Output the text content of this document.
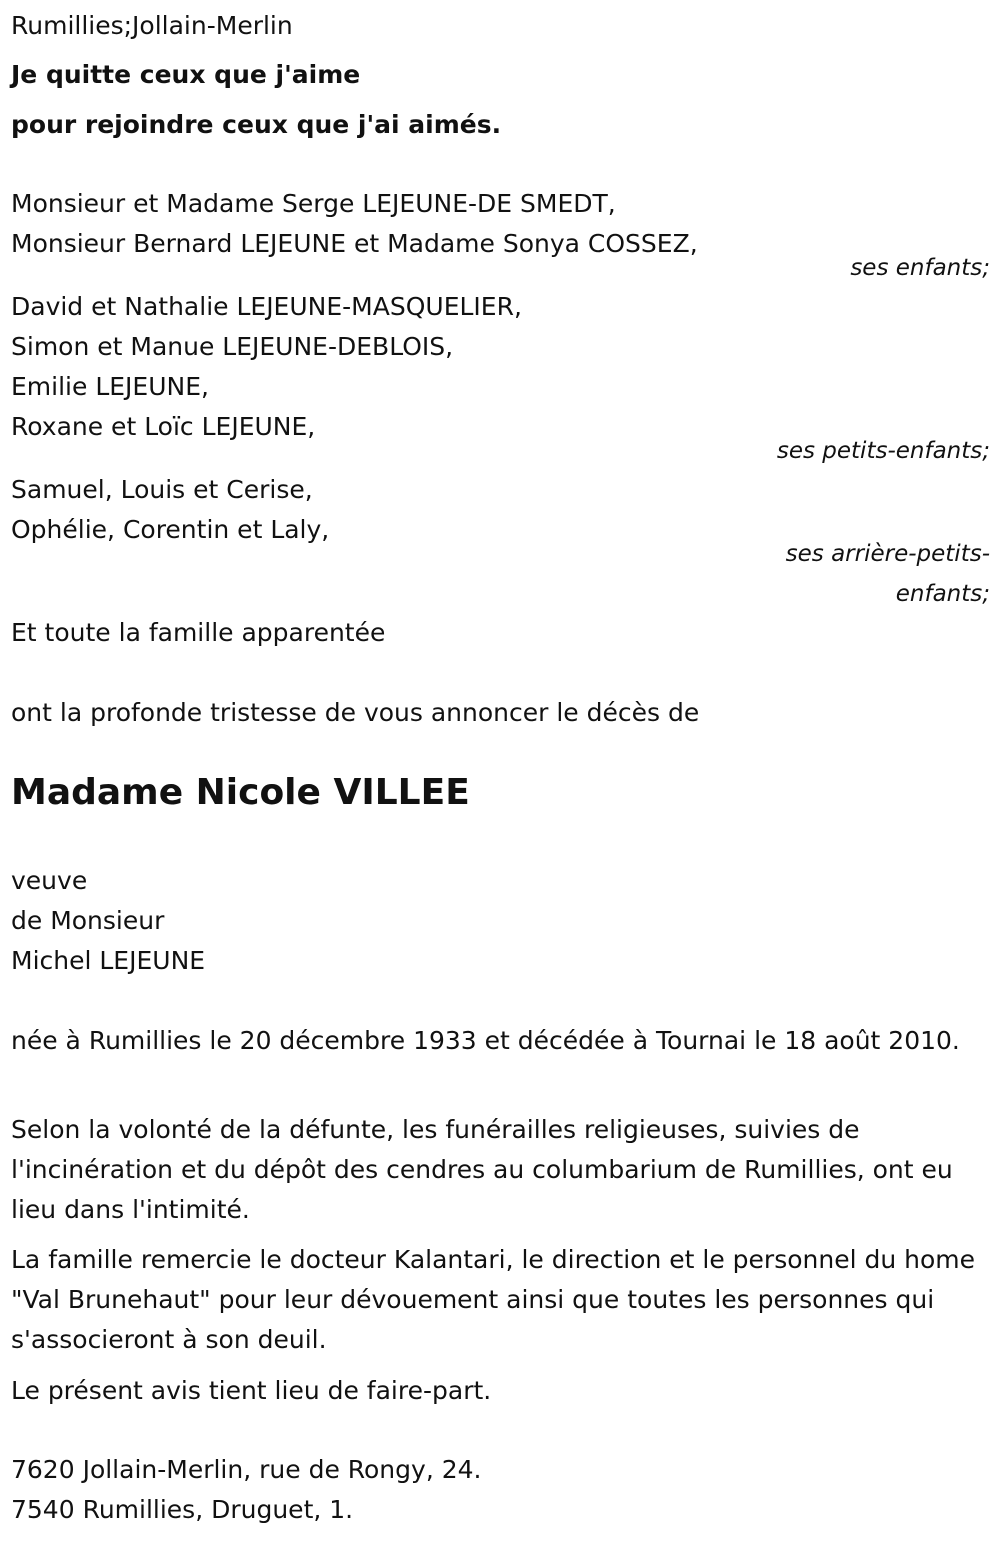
Rumillies;Jollain-Merlin
Je quitte ceux que j'aime
pour rejoindre ceux que j'ai aimés.
Monsieur et Madame Serge LEJEUNE-DE SMEDT,
Monsieur Bernard LEJEUNE et Madame Sonya COSSEZ,
ses enfants;
David et Nathalie LEJEUNE-MASQUELIER,
Simon et Manue LEJEUNE-DEBLOIS,
Emilie LEJEUNE,
Roxane et Loïc LEJEUNE,
ses petits-enfants;
Samuel, Louis et Cerise,
Ophélie, Corentin et Laly,
ses arrière-petits-
enfants;
Et toute la famille apparentée
ont la profonde tristesse de vous annoncer le décès de
Madame Nicole VILLEE
veuve
de Monsieur
Michel LEJEUNE
née à Rumillies le 20 décembre 1933 et décédée à Tournai le 18 août 2010.
Selon la volonté de la défunte, les funérailles religieuses, suivies de l'incinération et du dépôt des cendres au columbarium de Rumillies, ont eu lieu dans l'intimité.
La famille remercie le docteur Kalantari, le direction et le personnel du home "Val Brunehaut" pour leur dévouement ainsi que toutes les personnes qui s'associeront à son deuil.
Le présent avis tient lieu de faire-part.
7620 Jollain-Merlin, rue de Rongy, 24.
7540 Rumillies, Druguet, 1.
